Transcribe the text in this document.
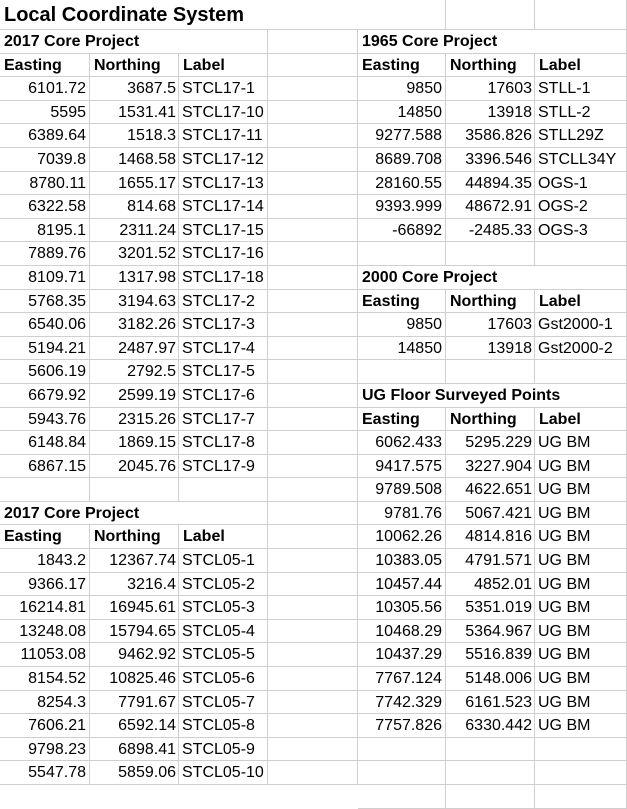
Local Coordinate System
2017 Core Project
Easting	Northing	Label
6101.72	3687.5 STCL17-1
5595	1531.41 STCL17-10
6389.64	1518.3 STCL17-11
7039.8	1468.58 STCL17-12
8780.11	1655.17 STCL17-13
6322.58	814.68 STCL17-14
8195.1	2311.24 STCL17-15
7889.76	3201.52 STCL17-16
8109.71	1317.98 STCL17-18
5768.35	3194.63 STCL17-2
6540.06	3182.26 STCL17-3
5194.21	2487.97 STCL17-4
5606.19	2792.5 STCL17-5
6679.92	2599.19 STCL17-6
5943.76	2315.26 STCL17-7
6148.84	1869.15 STCL17-8
6867.15	2045.76 STCL17-9
2017 Core Project
Easting	Northing	Label
1843.2	12367.74 STCL05-1
9366.17	3216.4 STCL05-2
16214.81	16945.61 STCL05-3
13248.08	15794.65 STCL05-4
11053.08	9462.92 STCL05-5
8154.52	10825.46 STCL05-6
8254.3	7791.67 STCL05-7
7606.21	6592.14 STCL05-8
9798.23	6898.41 STCL05-9
5547.78	5859.06 STCL05-10
1965 Core Project
Easting	Northing	Label
9850	17603 STLL-1
14850	13918 STLL-2
9277.588	3586.826 STLL29Z
8689.708	3396.546 STCLL34Y
28160.55	44894.35 OGS-1
9393.999	48672.91 OGS-2
-66892	-2485.33 OGS-3
2000 Core Project
Easting	Northing	Label
9850	17603 Gst2000-1
14850	13918 Gst2000-2
UG Floor Surveyed Points
Easting	Northing	Label
6062.433	5295.229 UG BM
9417.575	3227.904 UG BM
9789.508	4622.651 UG BM
9781.76	5067.421 UG BM
10062.26	4814.816 UG BM
10383.05	4791.571 UG BM
10457.44	4852.01 UG BM
10305.56	5351.019 UG BM
10468.29	5364.967 UG BM
10437.29	5516.839 UG BM
7767.124	5148.006 UG BM
7742.329	6161.523 UG BM
7757.826	6330.442 UG BM
